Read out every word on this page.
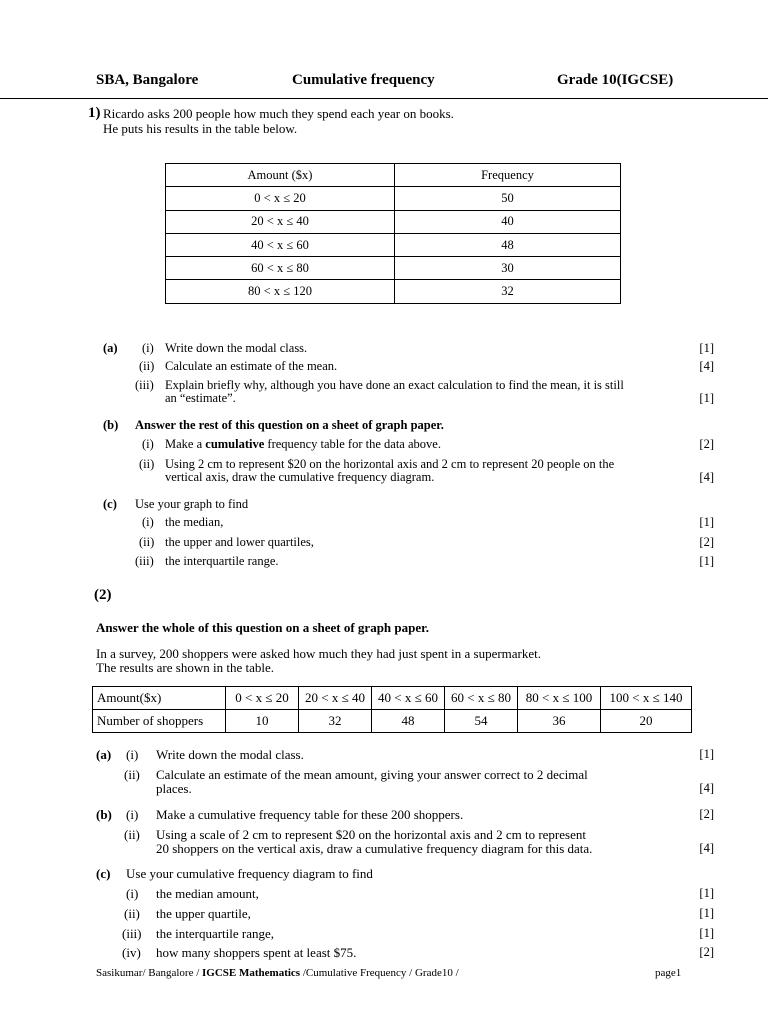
SBA, Bangalore	Cumulative frequency	Grade 10(IGCSE)
1) Ricardo asks 200 people how much they spend each year on books.
He puts his results in the table below.
Amount ($x)	Frequency
0 < x ≤ 20	50
20 < x ≤ 40	40
40 < x ≤ 60	48
60 < x ≤ 80	30
80 < x ≤ 120	32
(a) (i) Write down the modal class.	[1]
(ii) Calculate an estimate of the mean.	[4]
(iii) Explain briefly why, although you have done an exact calculation to find the mean, it is still
an “estimate”.	[1]
(b) Answer the rest of this question on a sheet of graph paper.
(i) Make a cumulative frequency table for the data above.	[2]
(ii) Using 2 cm to represent $20 on the horizontal axis and 2 cm to represent 20 people on the
vertical axis, draw the cumulative frequency diagram.	[4]
(c) Use your graph to find
(i) the median,	[1]
(ii) the upper and lower quartiles,	[2]
(iii) the interquartile range.	[1]
(2)
Answer the whole of this question on a sheet of graph paper.
In a survey, 200 shoppers were asked how much they had just spent in a supermarket.
The results are shown in the table.
Amount($x)	0 < x ≤ 20	20 < x ≤ 40	40 < x ≤ 60	60 < x ≤ 80	80 < x ≤ 100	100 < x ≤ 140
Number of shoppers	10	32	48	54	36	20
(a) (i) Write down the modal class.	[1]
(ii) Calculate an estimate of the mean amount, giving your answer correct to 2 decimal
places.	[4]
(b) (i) Make a cumulative frequency table for these 200 shoppers.	[2]
(ii) Using a scale of 2 cm to represent $20 on the horizontal axis and 2 cm to represent
20 shoppers on the vertical axis, draw a cumulative frequency diagram for this data.	[4]
(c) Use your cumulative frequency diagram to find
(i) the median amount,	[1]
(ii) the upper quartile,	[1]
(iii) the interquartile range,	[1]
(iv) how many shoppers spent at least $75.	[2]
Sasikumar/ Bangalore / IGCSE Mathematics /Cumulative Frequency / Grade10 /	page1
